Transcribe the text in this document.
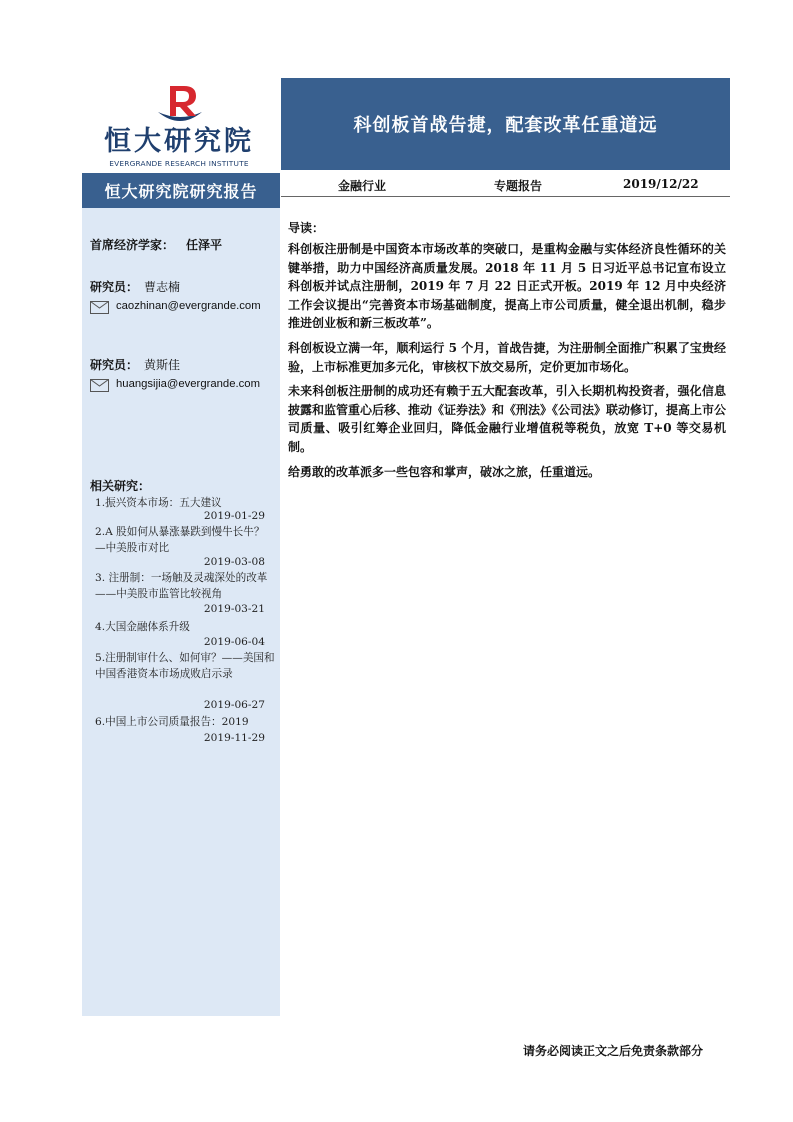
恒大研究院
EVERGRANDE RESEARCH INSTITUTE
科创板首战告捷，配套改革任重道远
恒大研究院研究报告	金融行业	专题报告	2019/12/22
首席经济学家： 任泽平
研究员： 曹志楠
caozhinan@evergrande.com
研究员： 黄斯佳
huangsijia@evergrande.com
相关研究：
1.振兴资本市场：五大建议
2019-01-29
2.A 股如何从暴涨暴跌到慢牛长牛？—中美股市对比
2019-03-08
3. 注册制：一场触及灵魂深处的改革——中美股市监管比较视角
2019-03-21
4.大国金融体系升级
2019-06-04
5.注册制审什么、如何审？——美国和中国香港资本市场成败启示录
2019-06-27
6.中国上市公司质量报告：2019
2019-11-29
导读：

科创板注册制是中国资本市场改革的突破口，是重构金融与实体经济良性循环的关键举措，助力中国经济高质量发展。2018 年 11 月 5 日习近平总书记宣布设立科创板并试点注册制，2019 年 7 月 22 日正式开板。2019 年 12 月中央经济工作会议提出“完善资本市场基础制度，提高上市公司质量，健全退出机制，稳步推进创业板和新三板改革”。

科创板设立满一年，顺利运行 5 个月，首战告捷，为注册制全面推广积累了宝贵经验，上市标准更加多元化，审核权下放交易所，定价更加市场化。

未来科创板注册制的成功还有赖于五大配套改革，引入长期机构投资者，强化信息披露和监管重心后移、推动《证券法》和《刑法》《公司法》联动修订，提高上市公司质量、吸引红筹企业回归，降低金融行业增值税等税负，放宽 T+0 等交易机制。

给勇敢的改革派多一些包容和掌声，破冰之旅，任重道远。

请务必阅读正文之后免责条款部分
